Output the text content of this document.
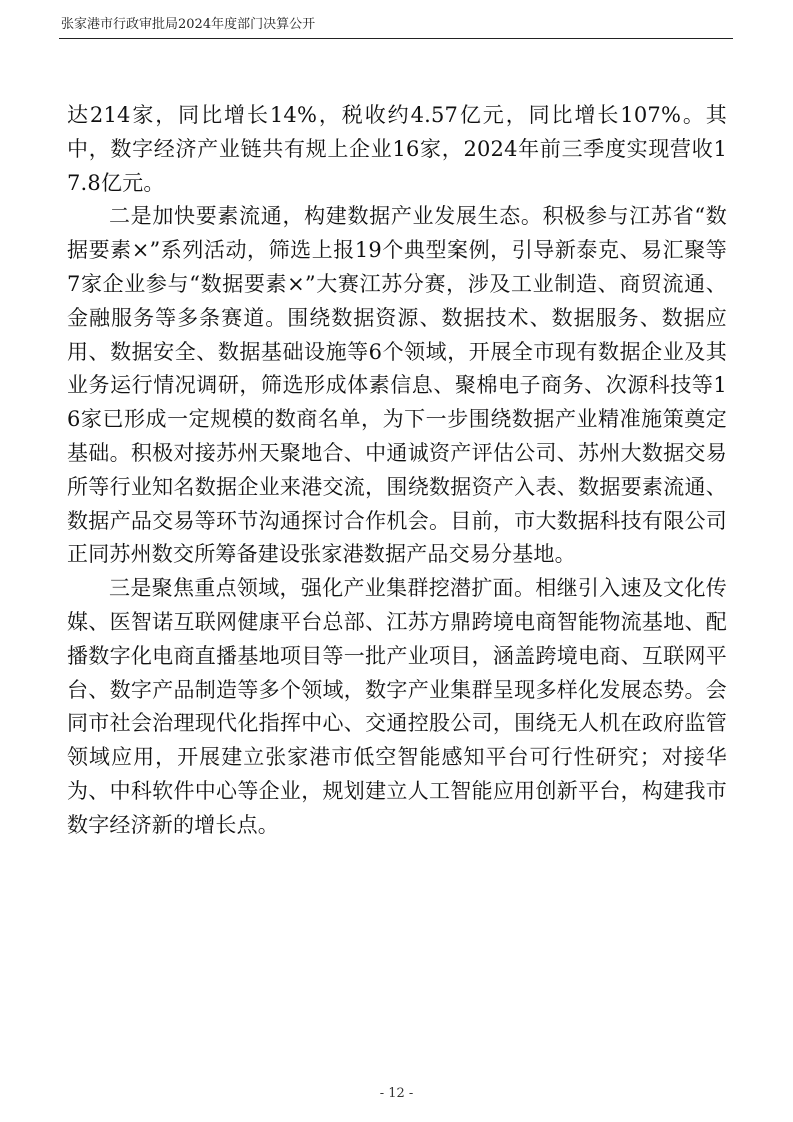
张家港市行政审批局2024年度部门决算公开

达214家，同比增长14%，税收约4.57亿元，同比增长107%。其中，数字经济产业链共有规上企业16家，2024年前三季度实现营收17.8亿元。

二是加快要素流通，构建数据产业发展生态。积极参与江苏省“数据要素×”系列活动，筛选上报19个典型案例，引导新泰克、易汇聚等7家企业参与“数据要素×”大赛江苏分赛，涉及工业制造、商贸流通、金融服务等多条赛道。围绕数据资源、数据技术、数据服务、数据应用、数据安全、数据基础设施等6个领域，开展全市现有数据企业及其业务运行情况调研，筛选形成体素信息、聚棉电子商务、次源科技等16家已形成一定规模的数商名单，为下一步围绕数据产业精准施策奠定基础。积极对接苏州天聚地合、中通诚资产评估公司、苏州大数据交易所等行业知名数据企业来港交流，围绕数据资产入表、数据要素流通、数据产品交易等环节沟通探讨合作机会。目前，市大数据科技有限公司正同苏州数交所筹备建设张家港数据产品交易分基地。

三是聚焦重点领域，强化产业集群挖潜扩面。相继引入速及文化传媒、医智诺互联网健康平台总部、江苏方鼎跨境电商智能物流基地、配播数字化电商直播基地项目等一批产业项目，涵盖跨境电商、互联网平台、数字产品制造等多个领域，数字产业集群呈现多样化发展态势。会同市社会治理现代化指挥中心、交通控股公司，围绕无人机在政府监管领域应用，开展建立张家港市低空智能感知平台可行性研究；对接华为、中科软件中心等企业，规划建立人工智能应用创新平台，构建我市数字经济新的增长点。

- 12 -
